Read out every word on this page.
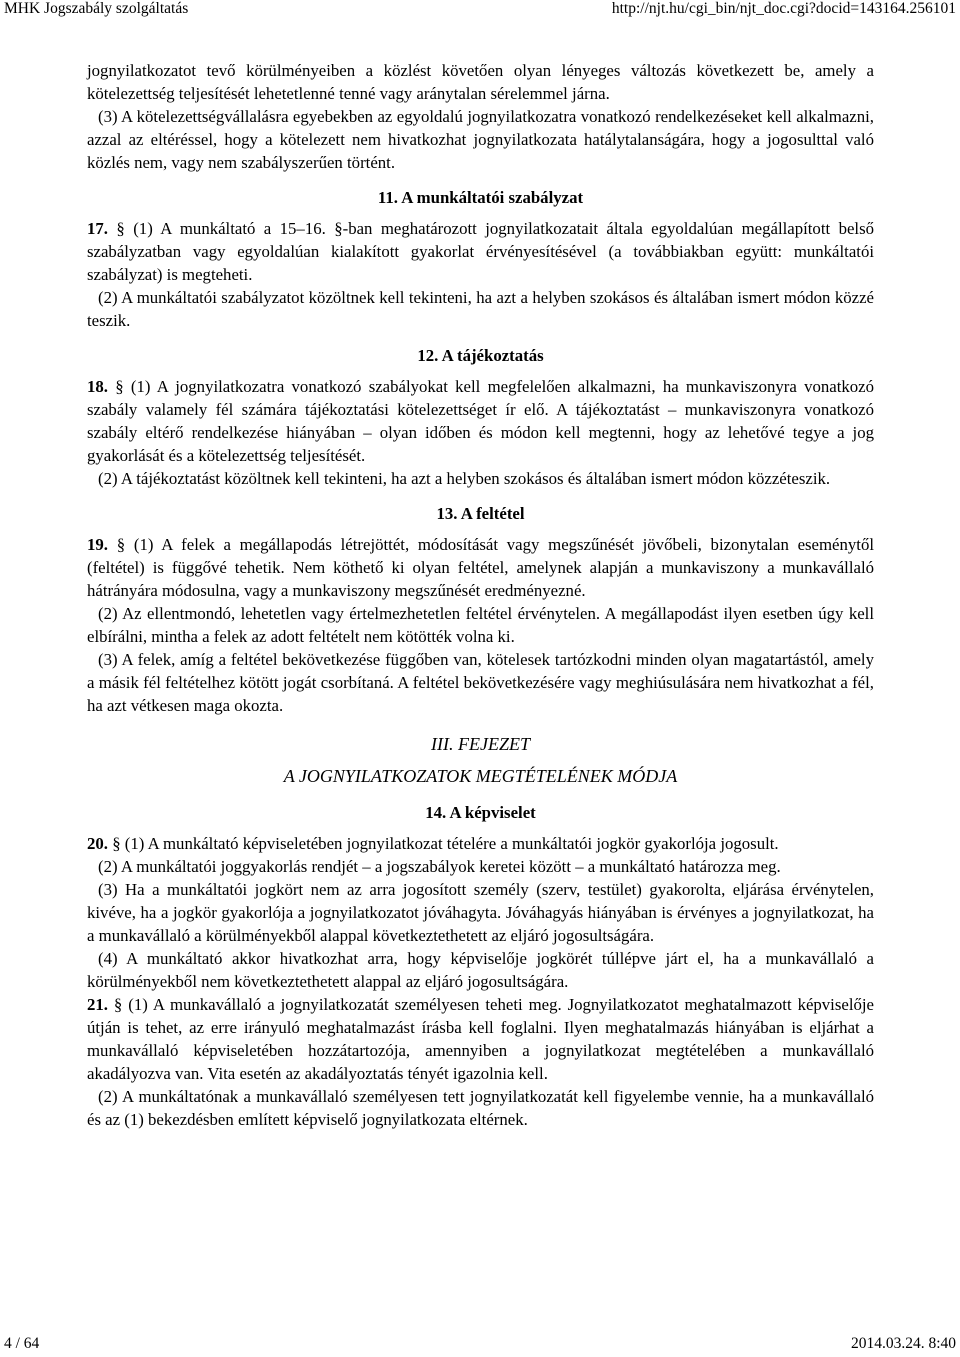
MHK Jogszabály szolgáltatás	http://njt.hu/cgi_bin/njt_doc.cgi?docid=143164.256101

jognyilatkozatot tevő körülményeiben a közlést követően olyan lényeges változás következett be, amely a kötelezettség teljesítését lehetetlenné tenné vagy aránytalan sérelemmel járna.

(3) A kötelezettségvállalásra egyebekben az egyoldalú jognyilatkozatra vonatkozó rendelkezéseket kell alkalmazni, azzal az eltéréssel, hogy a kötelezett nem hivatkozhat jognyilatkozata hatálytalanságára, hogy a jogosulttal való közlés nem, vagy nem szabályszerűen történt.

11. A munkáltatói szabályzat

17. § (1) A munkáltató a 15–16. §-ban meghatározott jognyilatkozatait általa egyoldalúan megállapított belső szabályzatban vagy egyoldalúan kialakított gyakorlat érvényesítésével (a továbbiakban együtt: munkáltatói szabályzat) is megteheti.

(2) A munkáltatói szabályzatot közöltnek kell tekinteni, ha azt a helyben szokásos és általában ismert módon közzé teszik.

12. A tájékoztatás

18. § (1) A jognyilatkozatra vonatkozó szabályokat kell megfelelően alkalmazni, ha munkaviszonyra vonatkozó szabály valamely fél számára tájékoztatási kötelezettséget ír elő. A tájékoztatást – munkaviszonyra vonatkozó szabály eltérő rendelkezése hiányában – olyan időben és módon kell megtenni, hogy az lehetővé tegye a jog gyakorlását és a kötelezettség teljesítését.

(2) A tájékoztatást közöltnek kell tekinteni, ha azt a helyben szokásos és általában ismert módon közzéteszik.

13. A feltétel

19. § (1) A felek a megállapodás létrejöttét, módosítását vagy megszűnését jövőbeli, bizonytalan eseménytől (feltétel) is függővé tehetik. Nem köthető ki olyan feltétel, amelynek alapján a munkaviszony a munkavállaló hátrányára módosulna, vagy a munkaviszony megszűnését eredményezné.

(2) Az ellentmondó, lehetetlen vagy értelmezhetetlen feltétel érvénytelen. A megállapodást ilyen esetben úgy kell elbírálni, mintha a felek az adott feltételt nem kötötték volna ki.

(3) A felek, amíg a feltétel bekövetkezése függőben van, kötelesek tartózkodni minden olyan magatartástól, amely a másik fél feltételhez kötött jogát csorbítaná. A feltétel bekövetkezésére vagy meghiúsulására nem hivatkozhat a fél, ha azt vétkesen maga okozta.

III. FEJEZET

A JOGNYILATKOZATOK MEGTÉTELÉNEK MÓDJA

14. A képviselet

20. § (1) A munkáltató képviseletében jognyilatkozat tételére a munkáltatói jogkör gyakorlója jogosult.

(2) A munkáltatói joggyakorlás rendjét – a jogszabályok keretei között – a munkáltató határozza meg.

(3) Ha a munkáltatói jogkört nem az arra jogosított személy (szerv, testület) gyakorolta, eljárása érvénytelen, kivéve, ha a jogkör gyakorlója a jognyilatkozatot jóváhagyta. Jóváhagyás hiányában is érvényes a jognyilatkozat, ha a munkavállaló a körülményekből alappal következtethetett az eljáró jogosultságára.

(4) A munkáltató akkor hivatkozhat arra, hogy képviselője jogkörét túllépve járt el, ha a munkavállaló a körülményekből nem következtethetett alappal az eljáró jogosultságára.

21. § (1) A munkavállaló a jognyilatkozatát személyesen teheti meg. Jognyilatkozatot meghatalmazott képviselője útján is tehet, az erre irányuló meghatalmazást írásba kell foglalni. Ilyen meghatalmazás hiányában is eljárhat a munkavállaló képviseletében hozzátartozója, amennyiben a jognyilatkozat megtételében a munkavállaló akadályozva van. Vita esetén az akadályoztatás tényét igazolnia kell.

(2) A munkáltatónak a munkavállaló személyesen tett jognyilatkozatát kell figyelembe vennie, ha a munkavállaló és az (1) bekezdésben említett képviselő jognyilatkozata eltérnek.

4 / 64	2014.03.24. 8:40
